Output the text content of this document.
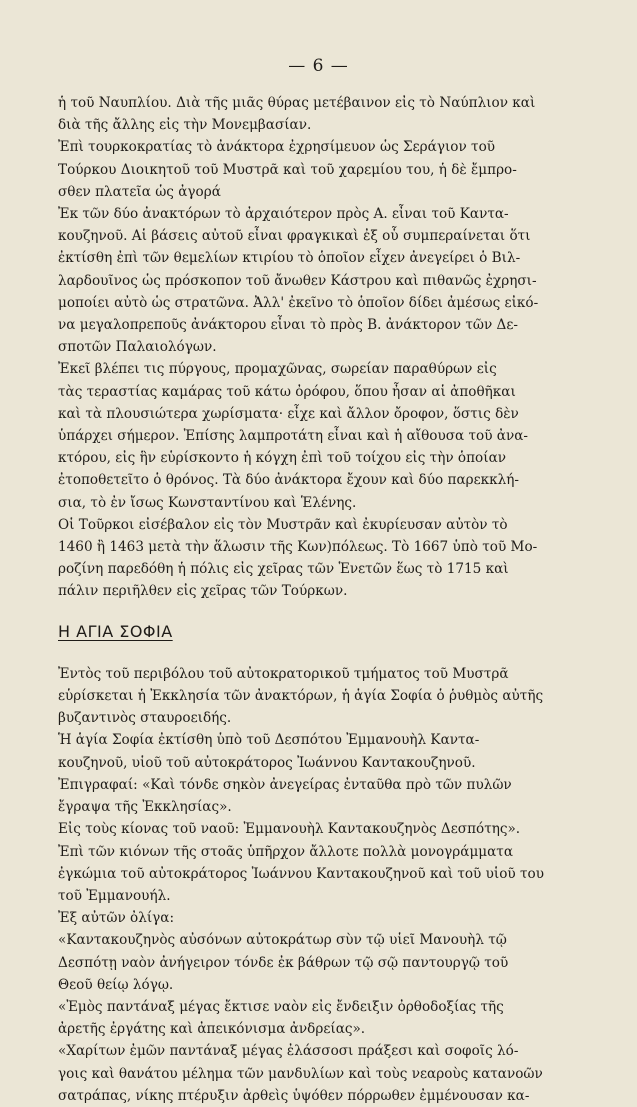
— 6 —
ἡ τοῦ Ναυπλίου. Διὰ τῆς μιᾶς θύρας μετέβαινον εἰς τὸ Ναύπλιον καὶ
διὰ τῆς ἄλλης εἰς τὴν Μονεμβασίαν.
Ἐπὶ τουρκοκρατίας τὸ ἀνάκτορα ἐχρησίμευον ὡς Σεράγιον τοῦ
Τούρκου Διοικητοῦ τοῦ Μυστρᾶ καὶ τοῦ χαρεμίου του, ἡ δὲ ἔμπρο-
σθεν πλατεῖα ὡς ἀγορά
Ἐκ τῶν δύο ἀνακτόρων τὸ ἀρχαιότερον πρὸς Α. εἶναι τοῦ Καντα-
κουζηνοῦ. Αἱ βάσεις αὐτοῦ εἶναι φραγκικαὶ ἐξ οὗ συμπεραίνεται ὅτι
ἐκτίσθη ἐπὶ τῶν θεμελίων κτιρίου τὸ ὁποῖον εἶχεν ἀνεγείρει ὁ Βιλ-
λαρδουῖνος ὡς πρόσκοπον τοῦ ἄνωθεν Κάστρου καὶ πιθανῶς ἐχρησι-
μοποίει αὐτὸ ὡς στρατῶνα. Ἀλλ' ἐκεῖνο τὸ ὁποῖον δίδει ἀμέσως εἰκό-
να μεγαλοπρεποῦς ἀνάκτορου εἶναι τὸ πρὸς Β. ἀνάκτορον τῶν Δε-
σποτῶν Παλαιολόγων.
Ἐκεῖ βλέπει τις πύργους, προμαχῶνας, σωρείαν παραθύρων εἰς
τὰς τεραστίας καμάρας τοῦ κάτω ὀρόφου, ὅπου ἦσαν αἱ ἀποθῆκαι
καὶ τὰ πλουσιώτερα χωρίσματα· εἶχε καὶ ἄλλον ὄροφον, ὅστις δὲν
ὑπάρχει σήμερον. Ἐπίσης λαμπροτάτη εἶναι καὶ ἡ αἴθουσα τοῦ ἀνα-
κτόρου, εἰς ἣν εὑρίσκοντο ἡ κόγχη ἐπὶ τοῦ τοίχου εἰς τὴν ὁποίαν
ἐτοποθετεῖτο ὁ θρόνος. Τὰ δύο ἀνάκτορα ἔχουν καὶ δύο παρεκκλή-
σια, τὸ ἐν ἴσως Κωνσταντίνου καὶ Ἑλένης.
Οἱ Τοῦρκοι εἰσέβαλον εἰς τὸν Μυστρᾶν καὶ ἐκυρίευσαν αὐτὸν τὸ
1460 ἢ 1463 μετὰ τὴν ἅλωσιν τῆς Κων)πόλεως. Τὸ 1667 ὑπὸ τοῦ Μο-
ροζίνη παρεδόθη ἡ πόλις εἰς χεῖρας τῶν Ἑνετῶν ἕως τὸ 1715 καὶ
πάλιν περιῆλθεν εἰς χεῖρας τῶν Τούρκων.
Η ΑΓΙΑ ΣΟΦΙΑ
Ἐντὸς τοῦ περιβόλου τοῦ αὐτοκρατορικοῦ τμήματος τοῦ Μυστρᾶ
εὑρίσκεται ἡ Ἐκκλησία τῶν ἀνακτόρων, ἡ ἁγία Σοφία ὁ ῥυθμὸς αὐτῆς
βυζαντινὸς σταυροειδής.
Ἡ ἁγία Σοφία ἐκτίσθη ὑπὸ τοῦ Δεσπότου Ἐμμανουὴλ Καντα-
κουζηνοῦ, υἱοῦ τοῦ αὐτοκράτορος Ἰωάννου Καντακουζηνοῦ.
Ἐπιγραφαί: «Καὶ τόνδε σηκὸν ἀνεγείρας ἐνταῦθα πρὸ τῶν πυλῶν
ἔγραψα τῆς Ἐκκλησίας».
Εἰς τοὺς κίονας τοῦ ναοῦ: Ἐμμανουὴλ Καντακουζηνὸς Δεσπότης».
Ἐπὶ τῶν κιόνων τῆς στοᾶς ὑπῆρχον ἄλλοτε πολλὰ μονογράμματα
ἐγκώμια τοῦ αὐτοκράτορος Ἰωάννου Καντακουζηνοῦ καὶ τοῦ υἱοῦ του
τοῦ Ἐμμανουήλ.
Ἐξ αὐτῶν ὀλίγα:
«Καντακουζηνὸς αὐσόνων αὐτοκράτωρ σὺν τῷ υἱεῖ Μανουὴλ τῷ
Δεσπότῃ ναὸν ἀνήγειρον τόνδε ἐκ βάθρων τῷ σῷ παντουργῷ τοῦ
Θεοῦ θείῳ λόγῳ.
«Ἐμὸς παντάναξ μέγας ἔκτισε ναὸν εἰς ἔνδειξιν ὀρθοδοξίας τῆς
ἀρετῆς ἐργάτης καὶ ἀπεικόνισμα ἀνδρείας».
«Χαρίτων ἐμῶν παντάναξ μέγας ἐλάσσοσι πράξεσι καὶ σοφοῖς λό-
γοις καὶ θανάτου μέλημα τῶν μανδυλίων καὶ τοὺς νεαροὺς κατανοῶν
σατράπας, νίκης πτέρυξιν ἀρθεὶς ὑψόθεν πόρρωθεν ἐμμένουσαν κα-
